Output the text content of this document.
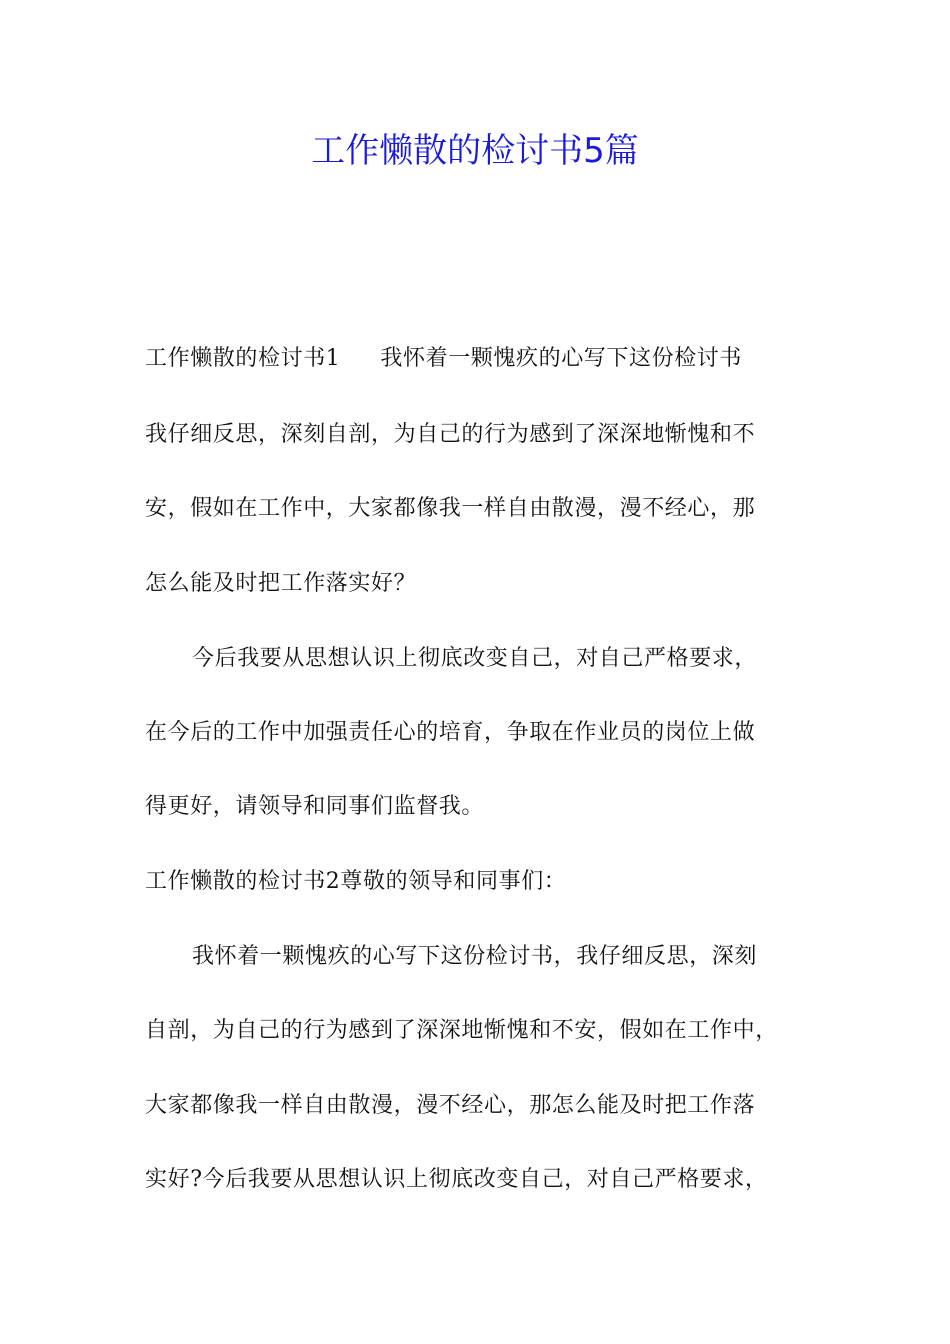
工作懒散的检讨书5篇
工作懒散的检讨书1 我怀着一颗愧疚的心写下这份检讨书
我仔细反思，深刻自剖，为自己的行为感到了深深地惭愧和不
安，假如在工作中，大家都像我一样自由散漫，漫不经心，那
怎么能及时把工作落实好？
今后我要从思想认识上彻底改变自己，对自己严格要求，
在今后的工作中加强责任心的培育，争取在作业员的岗位上做
得更好，请领导和同事们监督我。
工作懒散的检讨书2尊敬的领导和同事们：
我怀着一颗愧疚的心写下这份检讨书，我仔细反思，深刻
自剖，为自己的行为感到了深深地惭愧和不安，假如在工作中，
大家都像我一样自由散漫，漫不经心，那怎么能及时把工作落
实好?今后我要从思想认识上彻底改变自己，对自己严格要求，
